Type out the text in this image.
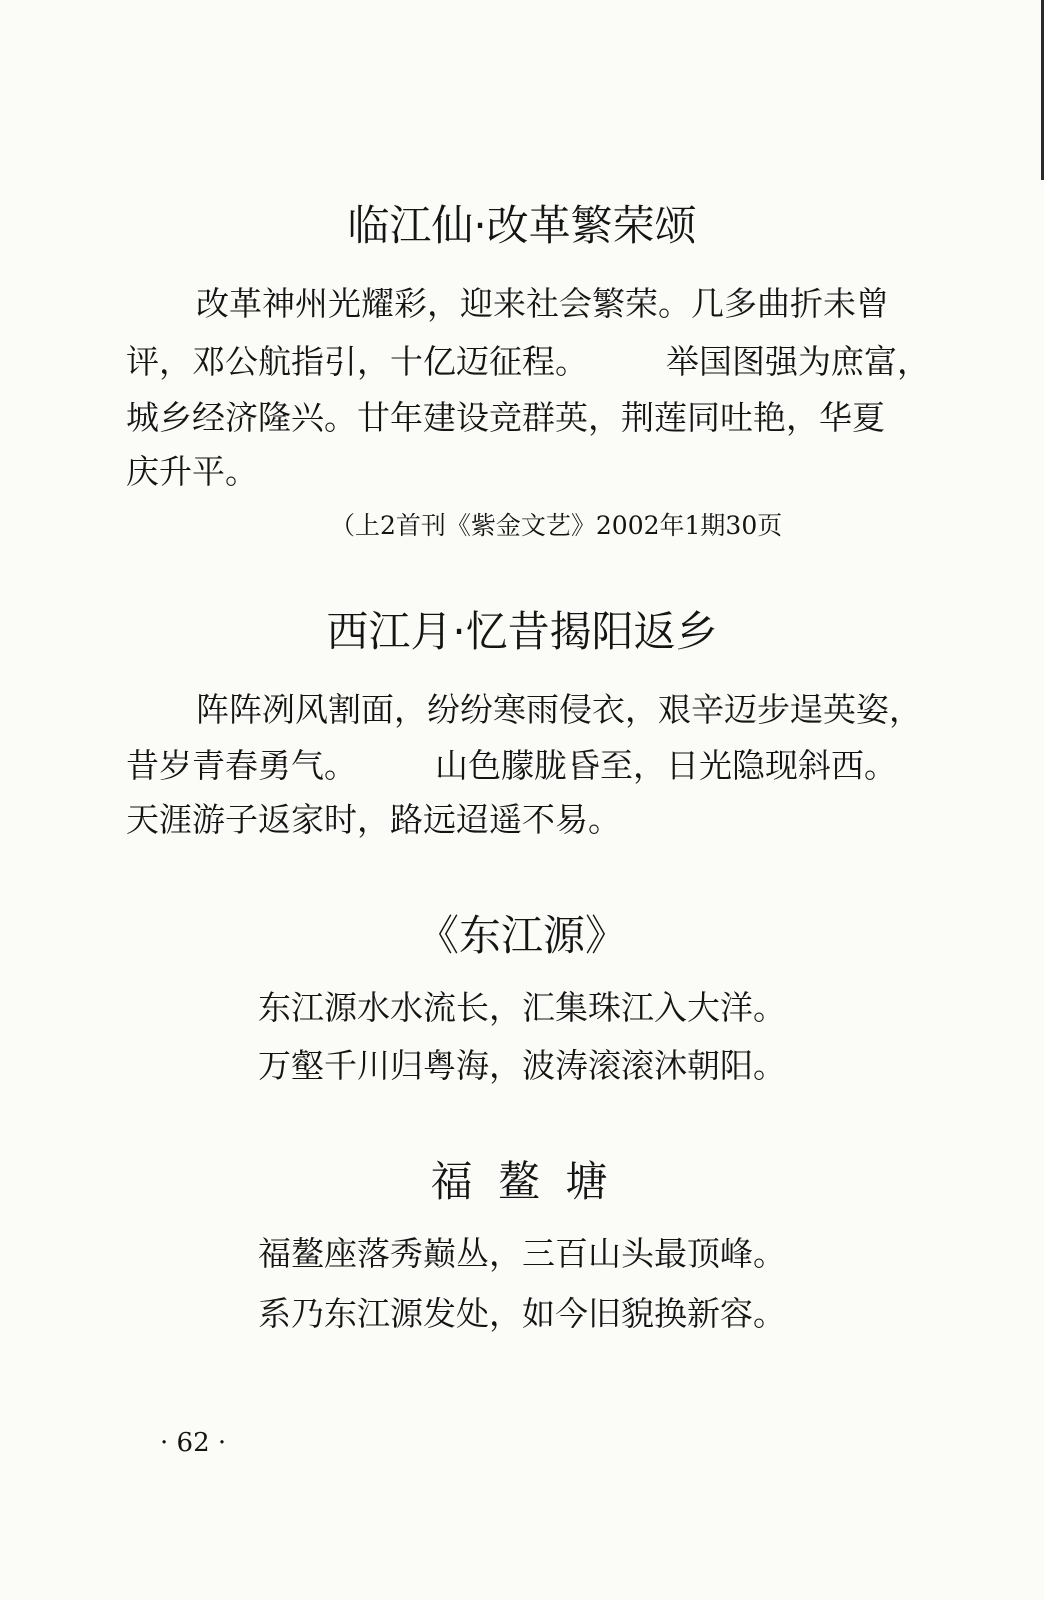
临江仙·改革繁荣颂
改革神州光耀彩，迎来社会繁荣。几多曲折未曾
评，邓公航指引，十亿迈征程。 举国图强为庶富，
城乡经济隆兴。廿年建设竞群英，荆莲同吐艳，华夏
庆升平。
（上2首刊《紫金文艺》2002年1期30页
西江月·忆昔揭阳返乡
阵阵冽风割面，纷纷寒雨侵衣，艰辛迈步逞英姿，
昔岁青春勇气。 山色朦胧昏至，日光隐现斜西。
天涯游子返家时，路远迢遥不易。
《东江源》
东江源水水流长，汇集珠江入大洋。
万壑千川归粤海，波涛滚滚沐朝阳。
福 鳌 塘
福鳌座落秀巅丛，三百山头最顶峰。
系乃东江源发处，如今旧貌换新容。
· 62 ·
